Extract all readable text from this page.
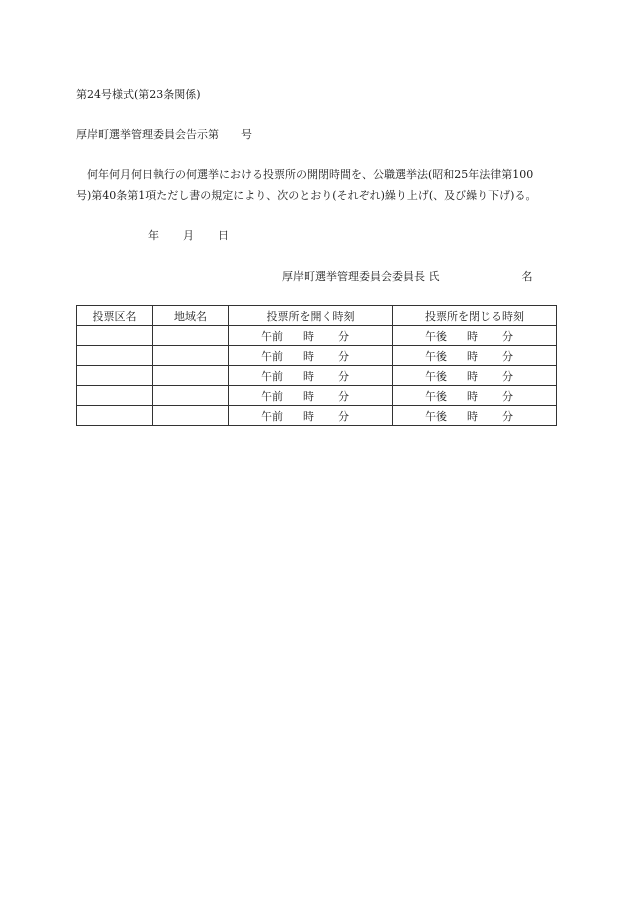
第24号様式(第23条関係)
厚岸町選挙管理委員会告示第 号

何年何月何日執行の何選挙における投票所の開閉時間を、公職選挙法(昭和25年法律第100

号)第40条第1項ただし書の規定により、次のとおり(それぞれ)繰り上げ(、及び繰り下げ)る。

年 月 日
厚岸町選挙管理委員会委員長 氏	名
投票区名	地域名	投票所を開く時刻	投票所を閉じる時刻
		午前 時 分	午後 時 分
		午前 時 分	午後 時 分
		午前 時 分	午後 時 分
		午前 時 分	午後 時 分
		午前 時 分	午後 時 分
